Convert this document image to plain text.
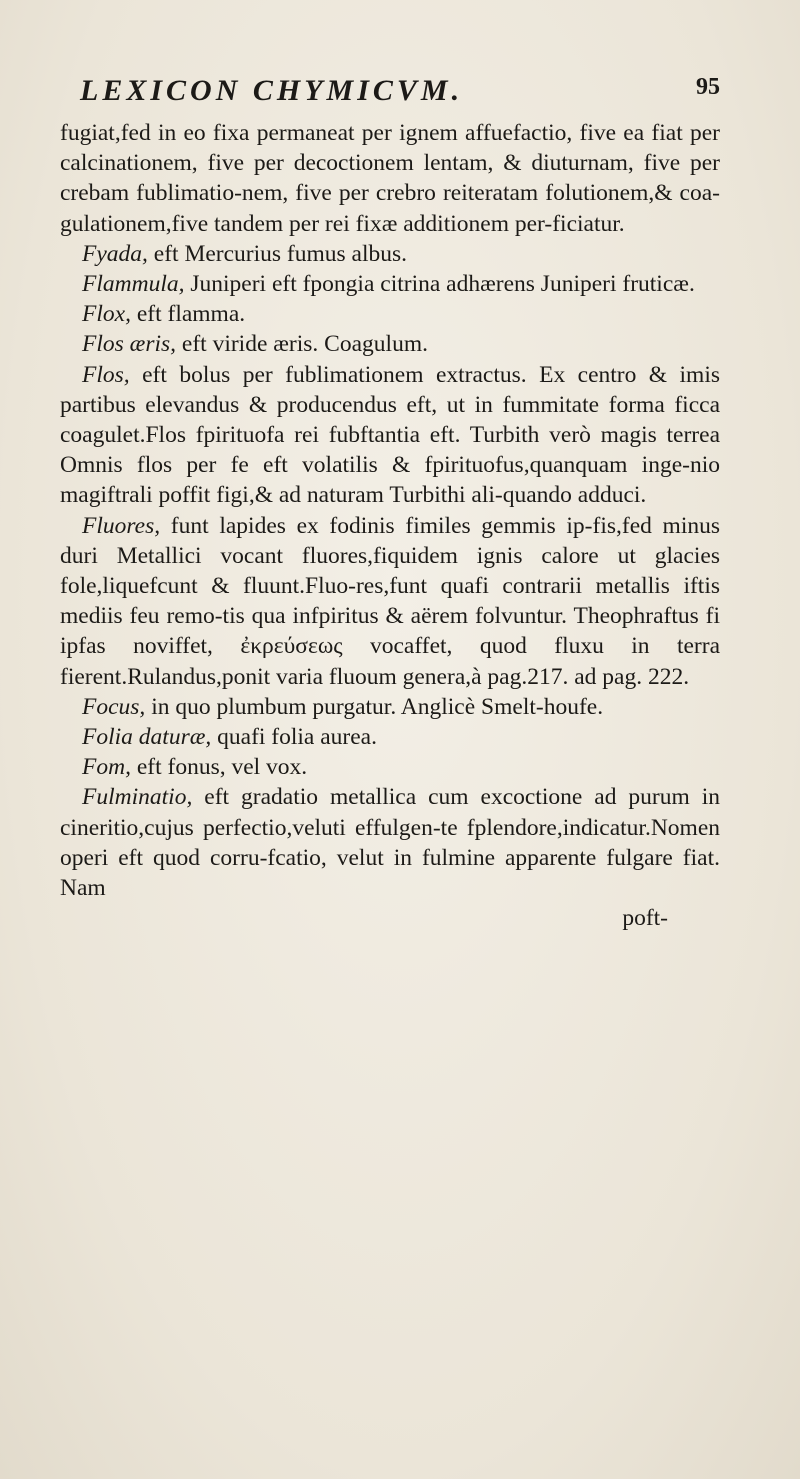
LEXICON CHYMICVM.	95

fugiat,fed in eo fixa permaneat per ignem affuefactio, five ea fiat per calcinationem, five per decoctionem lentam, & diuturnam, five per crebam fublimatio-nem, five per crebro reiteratam folutionem,& coa-gulationem,five tandem per rei fixæ additionem per-ficiatur.

Fyada, eft Mercurius fumus albus.

Flammula, Juniperi eft fpongia citrina adhærens Juniperi fruticæ.

Flox, eft flamma.

Flos æris, eft viride æris. Coagulum.

Flos, eft bolus per fublimationem extractus. Ex centro & imis partibus elevandus & producendus eft, ut in fummitate forma ficca coagulet.Flos fpirituofa rei fubftantia eft. Turbith verò magis terrea Omnis flos per fe eft volatilis & fpirituofus,quanquam inge-nio magiftrali poffit figi,& ad naturam Turbithi ali-quando adduci.

Fluores, funt lapides ex fodinis fimiles gemmis ip-fis,fed minus duri Metallici vocant fluores,fiquidem ignis calore ut glacies fole,liquefcunt & fluunt.Fluo-res,funt quafi contrarii metallis iftis mediis feu remo-tis qua infpiritus & aërem folvuntur. Theophraftus fi ipfas noviffet, ἐκρεύσεως vocaffet, quod fluxu in terra fierent.Rulandus,ponit varia fluoum genera,à pag.217. ad pag. 222.

Focus, in quo plumbum purgatur. Anglicè Smelt-houfe.

Folia daturæ, quafi folia aurea.

Fom, eft fonus, vel vox.

Fulminatio, eft gradatio metallica cum excoctione ad purum in cineritio,cujus perfectio,veluti effulgen-te fplendore,indicatur.Nomen operi eft quod corru-fcatio, velut in fulmine apparente fulgare fiat. Nam

poft-
